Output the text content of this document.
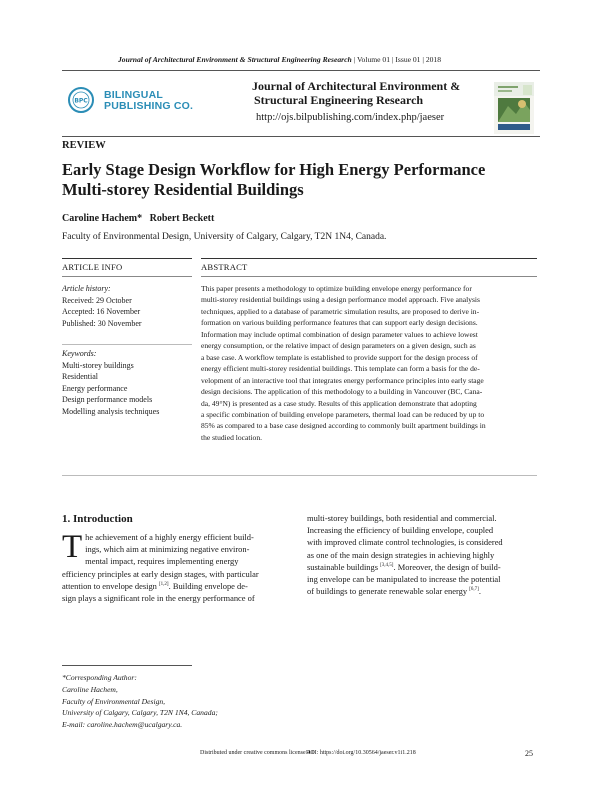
Journal of Architectural Environment & Structural Engineering Research | Volume 01 | Issue 01 | 2018
BPC BILINGUAL
PUBLISHING CO.
Journal of Architectural Environment &
Structural Engineering Research
http://ojs.bilpublishing.com/index.php/jaeser
REVIEW
Early Stage Design Workflow for High Energy Performance
Multi-storey Residential Buildings
Caroline Hachem* Robert Beckett
Faculty of Environmental Design, University of Calgary, Calgary, T2N 1N4, Canada.
ARTICLE INFO	ABSTRACT
Article history:
Received: 29 October
Accepted: 16 November
Published: 30 November
Keywords:
Multi-storey buildings
Residential
Energy performance
Design performance models
Modelling analysis techniques
This paper presents a methodology to optimize building envelope energy performance for
multi-storey residential buildings using a design performance model approach. Five analysis
techniques, applied to a database of parametric simulation results, are proposed to derive in-
formation on various building performance features that can support early design decisions.
Information may include optimal combination of design parameter values to achieve lowest
energy consumption, or the relative impact of design parameters on a given design, such as
a base case. A workflow template is established to provide support for the design process of
energy efficient multi-storey residential buildings. This template can form a basis for the de-
velopment of an interactive tool that integrates energy performance principles into early stage
design decisions. The application of this methodology to a building in Vancouver (BC, Cana-
da, 49°N) is presented as a case study. Results of this application demonstrate that adopting
a specific combination of building envelope parameters, thermal load can be reduced by up to
85% as compared to a base case designed according to commonly built apartment buildings in
the studied location.
1. Introduction
T he achievement of a highly energy efficient build-
ings, which aim at minimizing negative environ-
mental impact, requires implementing energy
efficiency principles at early design stages, with particular
attention to envelope design [1,2]. Building envelope de-
sign plays a significant role in the energy performance of
multi-storey buildings, both residential and commercial.
Increasing the efficiency of building envelope, coupled
with improved climate control technologies, is considered
as one of the main design strategies in achieving highly
sustainable buildings [3,4,5]. Moreover, the design of build-
ing envelope can be manipulated to increase the potential
of buildings to generate renewable solar energy [6,7].
*Corresponding Author:
Caroline Hachem,
Faculty of Environmental Design,
University of Calgary, Calgary, T2N 1N4, Canada;
E-mail: caroline.hachem@ucalgary.ca.
Distributed under creative commons license 4.0
DOI: https://doi.org/10.30564/jaeser.v1i1.218	25
